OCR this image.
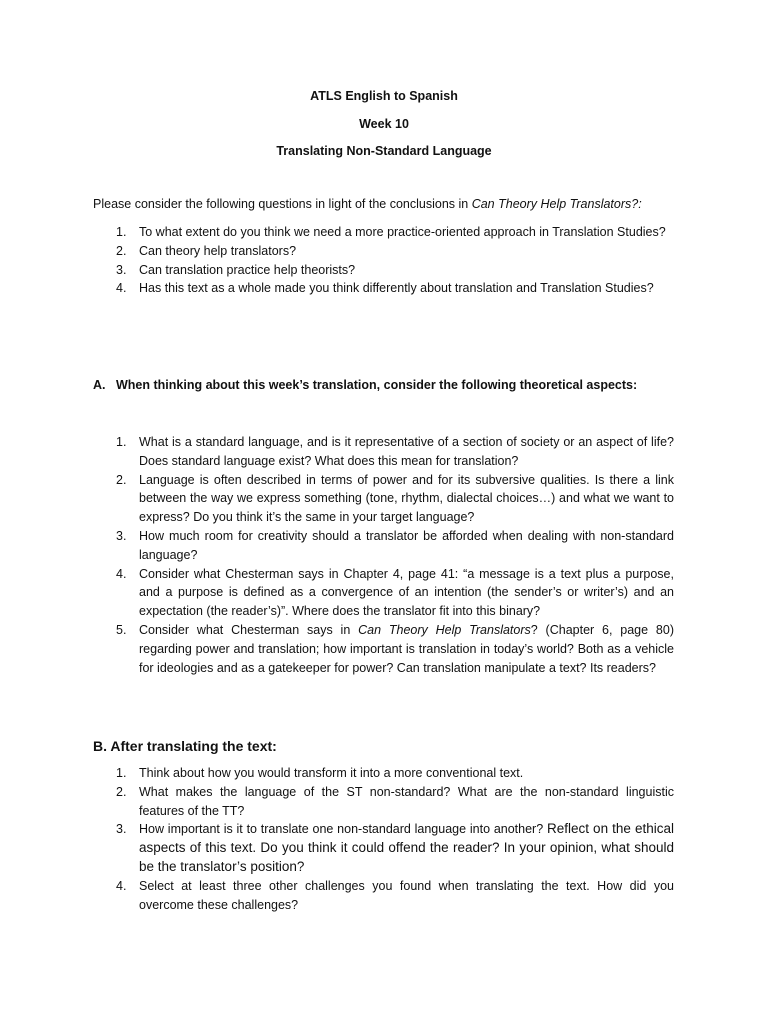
ATLS English to Spanish
Week 10
Translating Non-Standard Language
Please consider the following questions in light of the conclusions in Can Theory Help Translators?:
1.	To what extent do you think we need a more practice-oriented approach in Translation Studies?
2.	Can theory help translators?
3.	Can translation practice help theorists?
4.	Has this text as a whole made you think differently about translation and Translation Studies?
A. When thinking about this week’s translation, consider the following theoretical aspects:
1.	What is a standard language, and is it representative of a section of society or an aspect of life? Does standard language exist? What does this mean for translation?
2.	Language is often described in terms of power and for its subversive qualities. Is there a link between the way we express something (tone, rhythm, dialectal choices…) and what we want to express? Do you think it’s the same in your target language?
3.	How much room for creativity should a translator be afforded when dealing with non-standard language?
4.	Consider what Chesterman says in Chapter 4, page 41: “a message is a text plus a purpose, and a purpose is defined as a convergence of an intention (the sender’s or writer’s) and an expectation (the reader’s)”. Where does the translator fit into this binary?
5.	Consider what Chesterman says in Can Theory Help Translators? (Chapter 6, page 80) regarding power and translation; how important is translation in today’s world? Both as a vehicle for ideologies and as a gatekeeper for power? Can translation manipulate a text? Its readers?
B. After translating the text:
1.	Think about how you would transform it into a more conventional text.
2.	What makes the language of the ST non-standard? What are the non-standard linguistic features of the TT?
3.	How important is it to translate one non-standard language into another? Reflect on the ethical aspects of this text. Do you think it could offend the reader? In your opinion, what should be the translator’s position?
4.	Select at least three other challenges you found when translating the text. How did you overcome these challenges?
